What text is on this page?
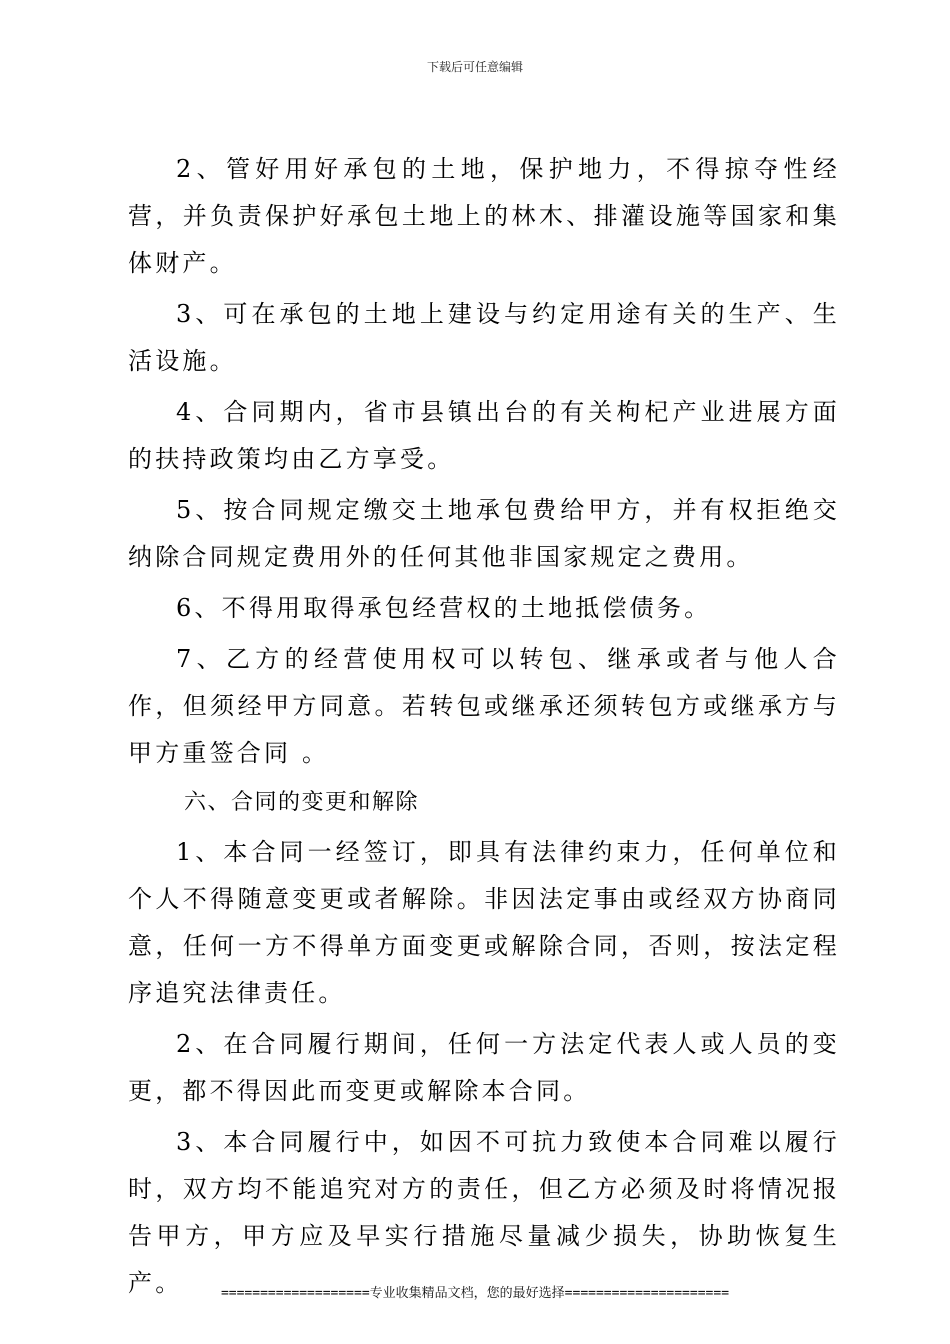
下载后可任意编辑

2、管好用好承包的土地，保护地力，不得掠夺性经营，并负责保护好承包土地上的林木、排灌设施等国家和集体财产。

3、可在承包的土地上建设与约定用途有关的生产、生活设施。

4、合同期内，省市县镇出台的有关枸杞产业进展方面的扶持政策均由乙方享受。

5、按合同规定缴交土地承包费给甲方，并有权拒绝交纳除合同规定费用外的任何其他非国家规定之费用。

6、不得用取得承包经营权的土地抵偿债务。

7、乙方的经营使用权可以转包、继承或者与他人合作，但须经甲方同意。若转包或继承还须转包方或继承方与甲方重签合同 。

六、合同的变更和解除

1、本合同一经签订，即具有法律约束力，任何单位和个人不得随意变更或者解除。非因法定事由或经双方协商同意，任何一方不得单方面变更或解除合同，否则，按法定程序追究法律责任。

2、在合同履行期间，任何一方法定代表人或人员的变更，都不得因此而变更或解除本合同。

3、本合同履行中，如因不可抗力致使本合同难以履行时，双方均不能追究对方的责任，但乙方必须及时将情况报告甲方，甲方应及早实行措施尽量减少损失，协助恢复生产。	===================专业收集精品文档，您的最好选择=====================
